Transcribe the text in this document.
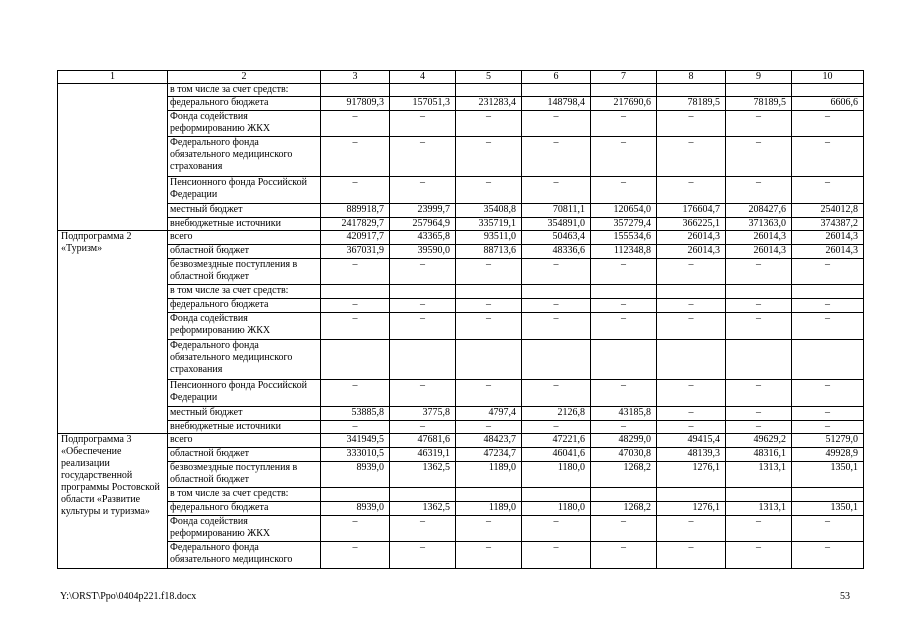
1	2	3	4	5	6	7	8	9	10
	в том числе за счет средств:								
	федерального бюджета	917809,3	157051,3	231283,4	148798,4	217690,6	78189,5	78189,5	6606,6
	Фонда содействия реформированию ЖКХ	–	–	–	–	–	–	–	–
	Федерального фонда обязательного медицинского страхования	–	–	–	–	–	–	–	–
	Пенсионного фонда Российской Федерации	–	–	–	–	–	–	–	–
	местный бюджет	889918,7	23999,7	35408,8	70811,1	120654,0	176604,7	208427,6	254012,8
	внебюджетные источники	2417829,7	257964,9	335719,1	354891,0	357279,4	366225,1	371363,0	374387,2
Подпрограмма 2 «Туризм»	всего	420917,7	43365,8	93511,0	50463,4	155534,6	26014,3	26014,3	26014,3
	областной бюджет	367031,9	39590,0	88713,6	48336,6	112348,8	26014,3	26014,3	26014,3
	безвозмездные поступления в областной бюджет	–	–	–	–	–	–	–	–
	в том числе за счет средств:								
	федерального бюджета	–	–	–	–	–	–	–	–
	Фонда содействия реформированию ЖКХ	–	–	–	–	–	–	–	–
	Федерального фонда обязательного медицинского страхования								
	Пенсионного фонда Российской Федерации	–	–	–	–	–	–	–	–
	местный бюджет	53885,8	3775,8	4797,4	2126,8	43185,8	–	–	–
	внебюджетные источники	–	–	–	–	–	–	–	–
Подпрограмма 3 «Обеспечение реализации государственной программы Ростовской области «Развитие культуры и туризма»	всего	341949,5	47681,6	48423,7	47221,6	48299,0	49415,4	49629,2	51279,0
	областной бюджет	333010,5	46319,1	47234,7	46041,6	47030,8	48139,3	48316,1	49928,9
	безвозмездные поступления в областной бюджет	8939,0	1362,5	1189,0	1180,0	1268,2	1276,1	1313,1	1350,1
	в том числе за счет средств:								
	федерального бюджета	8939,0	1362,5	1189,0	1180,0	1268,2	1276,1	1313,1	1350,1
	Фонда содействия реформированию ЖКХ	–	–	–	–	–	–	–	–
	Федерального фонда обязательного медицинского	–	–	–	–	–	–	–	–
Y:\ORST\Ppo\0404p221.f18.docx	53
